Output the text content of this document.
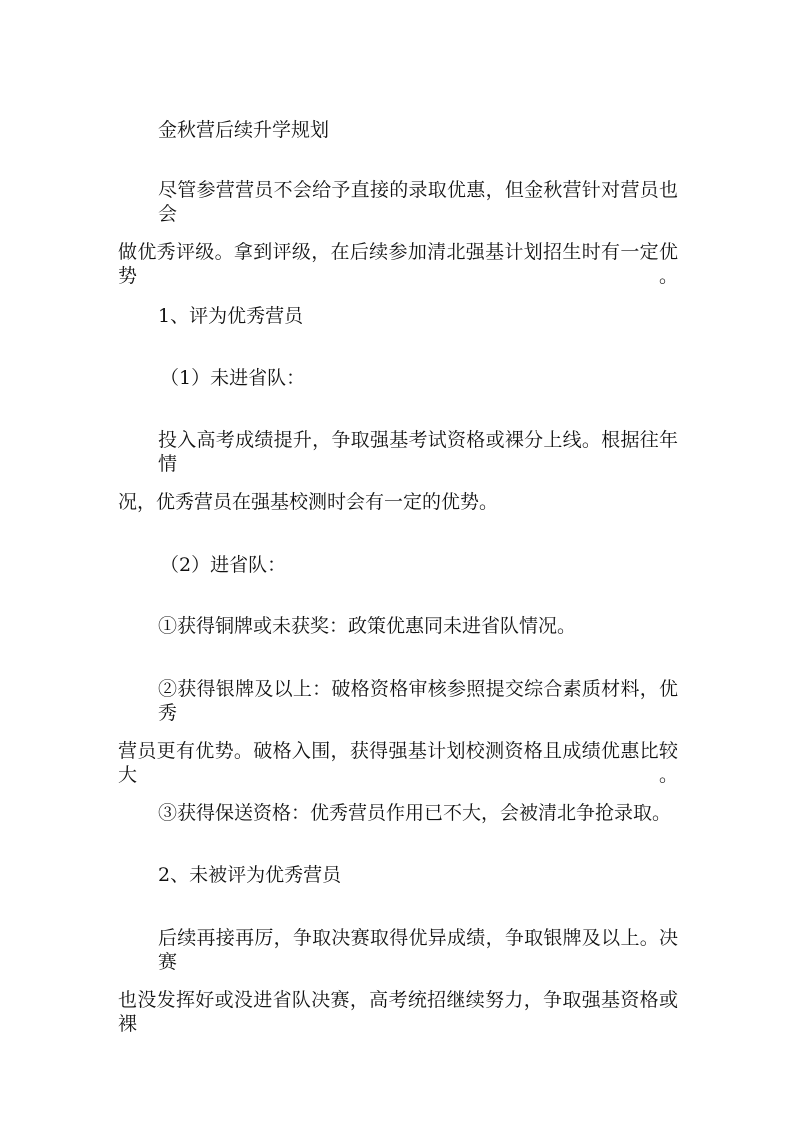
金秋营后续升学规划
尽管参营营员不会给予直接的录取优惠，但金秋营针对营员也会
做优秀评级。拿到评级，在后续参加清北强基计划招生时有一定优势。
1、评为优秀营员
（1）未进省队：
投入高考成绩提升，争取强基考试资格或裸分上线。根据往年情
况，优秀营员在强基校测时会有一定的优势。
（2）进省队：
①获得铜牌或未获奖：政策优惠同未进省队情况。
②获得银牌及以上：破格资格审核参照提交综合素质材料，优秀
营员更有优势。破格入围，获得强基计划校测资格且成绩优惠比较大。
③获得保送资格：优秀营员作用已不大，会被清北争抢录取。
2、未被评为优秀营员
后续再接再厉，争取决赛取得优异成绩，争取银牌及以上。决赛
也没发挥好或没进省队决赛，高考统招继续努力，争取强基资格或裸
